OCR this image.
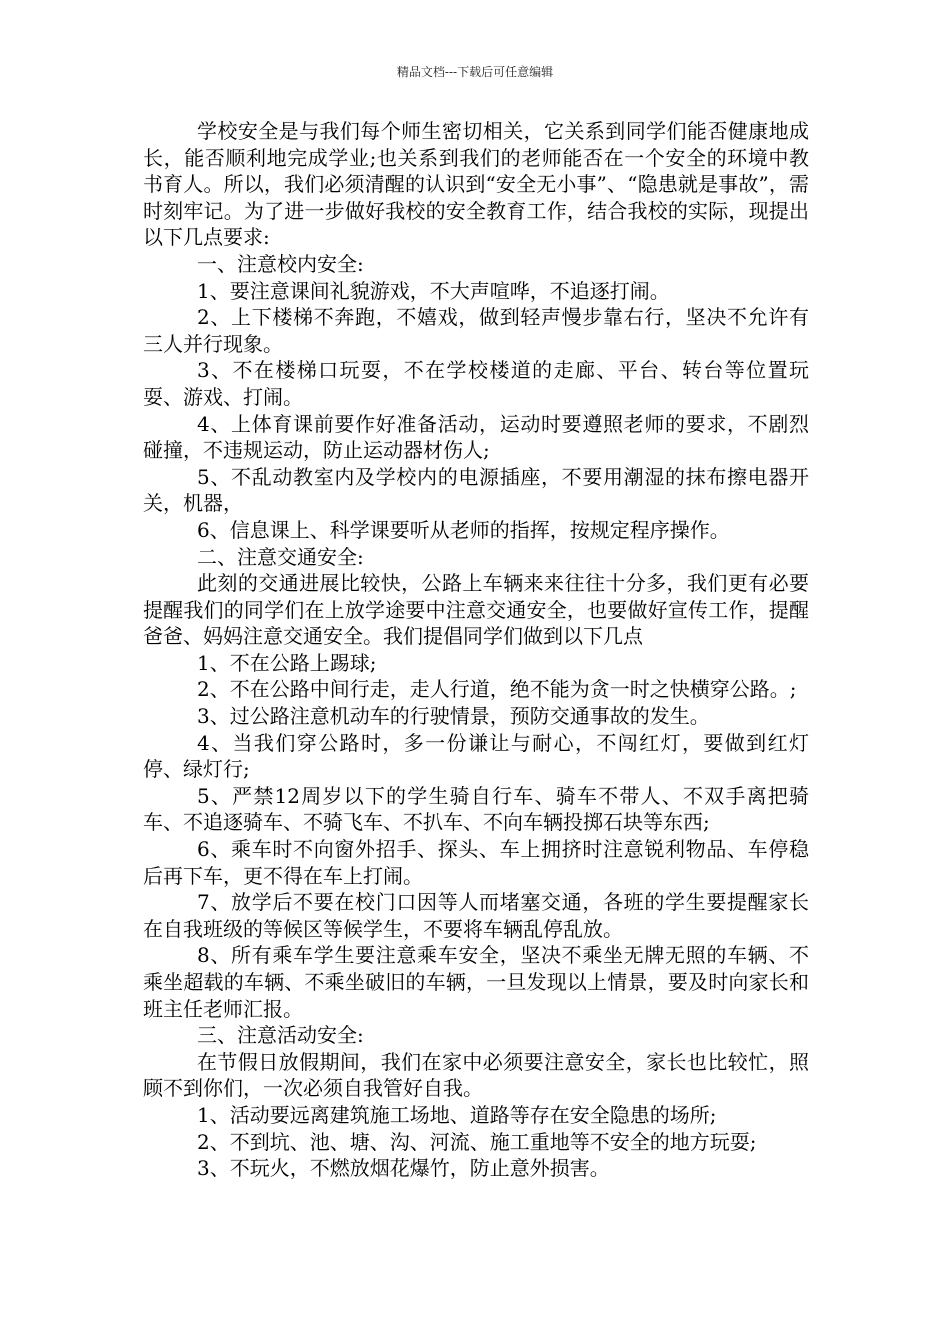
精品文档---下载后可任意编辑

学校安全是与我们每个师生密切相关，它关系到同学们能否健康地成长，能否顺利地完成学业;也关系到我们的老师能否在一个安全的环境中教书育人。所以，我们必须清醒的认识到“安全无小事”、“隐患就是事故”，需时刻牢记。为了进一步做好我校的安全教育工作，结合我校的实际，现提出以下几点要求:

一、注意校内安全:

1、要注意课间礼貌游戏，不大声喧哗，不追逐打闹。

2、上下楼梯不奔跑，不嬉戏，做到轻声慢步靠右行，坚决不允许有三人并行现象。

3、不在楼梯口玩耍，不在学校楼道的走廊、平台、转台等位置玩耍、游戏、打闹。

4、上体育课前要作好准备活动，运动时要遵照老师的要求，不剧烈碰撞，不违规运动，防止运动器材伤人;

5、不乱动教室内及学校内的电源插座，不要用潮湿的抹布擦电器开关，机器，

6、信息课上、科学课要听从老师的指挥，按规定程序操作。

二、注意交通安全:

此刻的交通进展比较快，公路上车辆来来往往十分多，我们更有必要提醒我们的同学们在上放学途要中注意交通安全，也要做好宣传工作，提醒爸爸、妈妈注意交通安全。我们提倡同学们做到以下几点

1、不在公路上踢球;

2、不在公路中间行走，走人行道，绝不能为贪一时之快横穿公路。;

3、过公路注意机动车的行驶情景，预防交通事故的发生。

4、当我们穿公路时，多一份谦让与耐心，不闯红灯，要做到红灯停、绿灯行;

5、严禁12周岁以下的学生骑自行车、骑车不带人、不双手离把骑车、不追逐骑车、不骑飞车、不扒车、不向车辆投掷石块等东西;

6、乘车时不向窗外招手、探头、车上拥挤时注意锐利物品、车停稳后再下车，更不得在车上打闹。

7、放学后不要在校门口因等人而堵塞交通，各班的学生要提醒家长在自我班级的等候区等候学生，不要将车辆乱停乱放。

8、所有乘车学生要注意乘车安全，坚决不乘坐无牌无照的车辆、不乘坐超载的车辆、不乘坐破旧的车辆，一旦发现以上情景，要及时向家长和班主任老师汇报。

三、注意活动安全:

在节假日放假期间，我们在家中必须要注意安全，家长也比较忙，照顾不到你们，一次必须自我管好自我。

1、活动要远离建筑施工场地、道路等存在安全隐患的场所;

2、不到坑、池、塘、沟、河流、施工重地等不安全的地方玩耍;

3、不玩火，不燃放烟花爆竹，防止意外损害。
